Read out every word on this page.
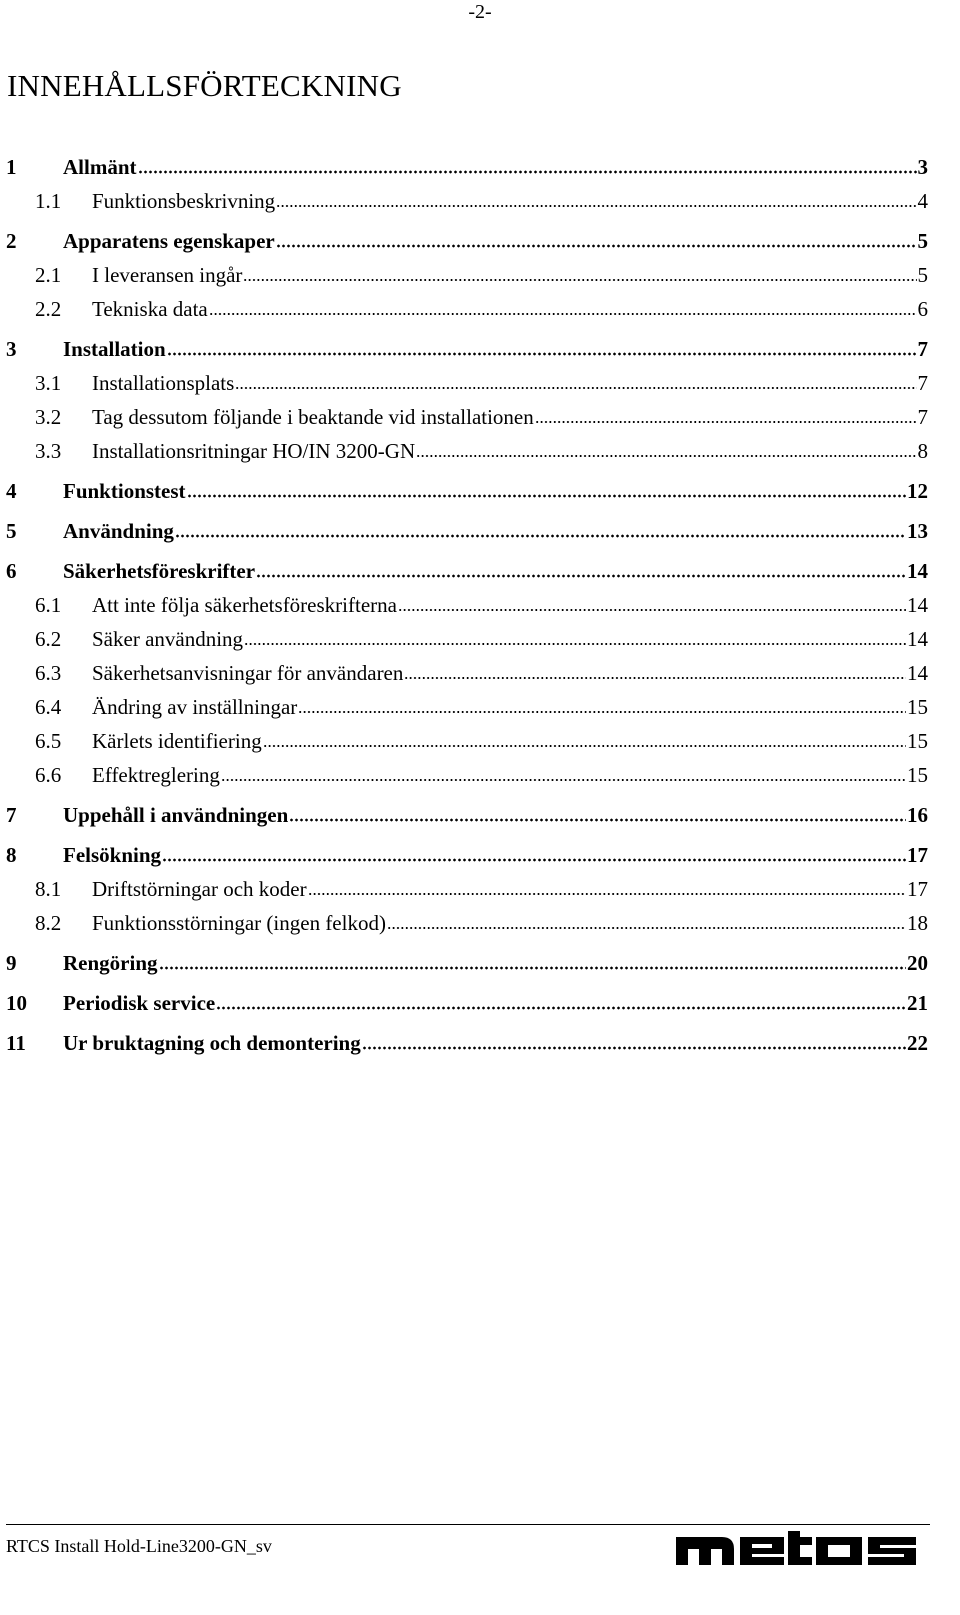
-2-
INNEHÅLLSFÖRTECKNING
1	Allmänt	3
1.1	Funktionsbeskrivning	4
2	Apparatens egenskaper	5
2.1	I leveransen ingår	5
2.2	Tekniska data	6
3	Installation	7
3.1	Installationsplats	7
3.2	Tag dessutom följande i beaktande vid installationen	7
3.3	Installationsritningar HO/IN 3200-GN	8
4	Funktionstest	12
5	Användning	13
6	Säkerhetsföreskrifter	14
6.1	Att inte följa säkerhetsföreskrifterna	14
6.2	Säker användning	14
6.3	Säkerhetsanvisningar för användaren	14
6.4	Ändring av inställningar	15
6.5	Kärlets identifiering	15
6.6	Effektreglering	15
7	Uppehåll i användningen	16
8	Felsökning	17
8.1	Driftstörningar och koder	17
8.2	Funktionsstörningar (ingen felkod)	18
9	Rengöring	20
10	Periodisk service	21
11	Ur bruktagning och demontering	22
RTCS Install Hold-Line3200-GN_sv
